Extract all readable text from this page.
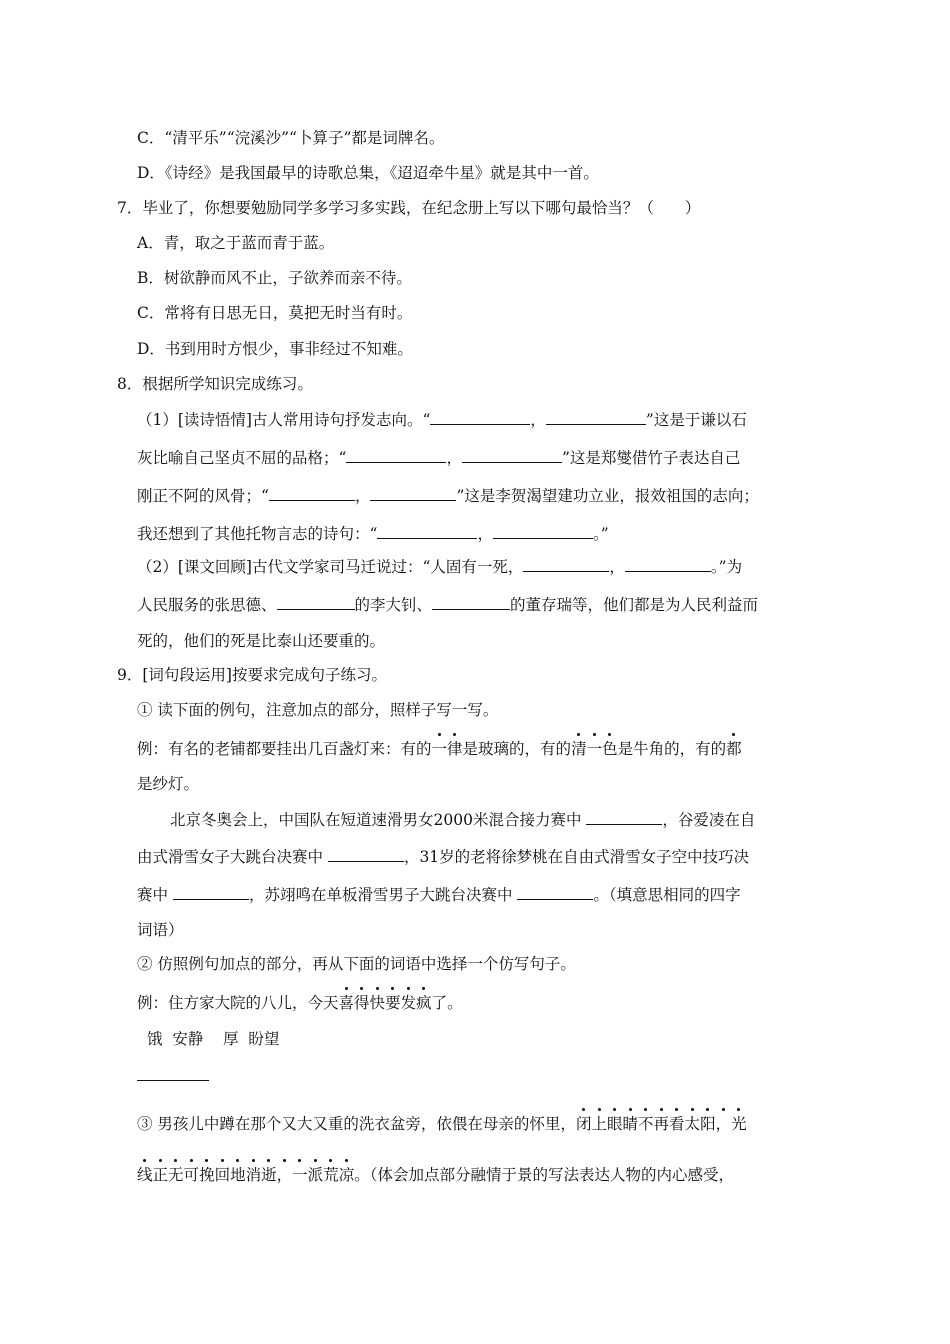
C．“清平乐”“浣溪沙”“卜算子”都是词牌名。
D．《诗经》是我国最早的诗歌总集，《迢迢牵牛星》就是其中一首。
7．毕业了，你想要勉励同学多学习多实践，在纪念册上写以下哪句最恰当？（　　）
A．青，取之于蓝而青于蓝。
B．树欲静而风不止，子欲养而亲不待。
C．常将有日思无日，莫把无时当有时。
D．书到用时方恨少，事非经过不知难。
8．根据所学知识完成练习。
（1）[读诗悟情]古人常用诗句抒发志向。“	，	”这是于谦以石
灰比喻自己坚贞不屈的品格；“	，	”这是郑燮借竹子表达自己
刚正不阿的风骨；“	，	”这是李贺渴望建功立业，报效祖国的志向；
我还想到了其他托物言志的诗句：“	，	。”
（2）[课文回顾]古代文学家司马迁说过：“人固有一死，	，	。”为
人民服务的张思德、	的李大钊、	的董存瑞等，他们都是为人民利益而
死的，他们的死是比泰山还要重的。
9．[词句段运用]按要求完成句子练习。
① 读下面的例句，注意加点的部分，照样子写一写。
例：有名的老铺都要挂出几百盏灯来：有的一律是玻璃的，有的清一色是牛角的，有的都
是纱灯。
北京冬奥会上，中国队在短道速滑男女2000米混合接力赛中	，谷爱凌在自
由式滑雪女子大跳台决赛中	，31岁的老将徐梦桃在自由式滑雪女子空中技巧决
赛中	，苏翊鸣在单板滑雪男子大跳台决赛中	。（填意思相同的四字
词语）
② 仿照例句加点的部分，再从下面的词语中选择一个仿写句子。
例：住方家大院的八儿，今天喜得快要发疯了。
饿  安静    厚  盼望
③ 男孩儿中蹲在那个又大又重的洗衣盆旁，依偎在母亲的怀里，闭上眼睛不再看太阳，光
线正无可挽回地消逝，一派荒凉。（体会加点部分融情于景的写法表达人物的内心感受，
